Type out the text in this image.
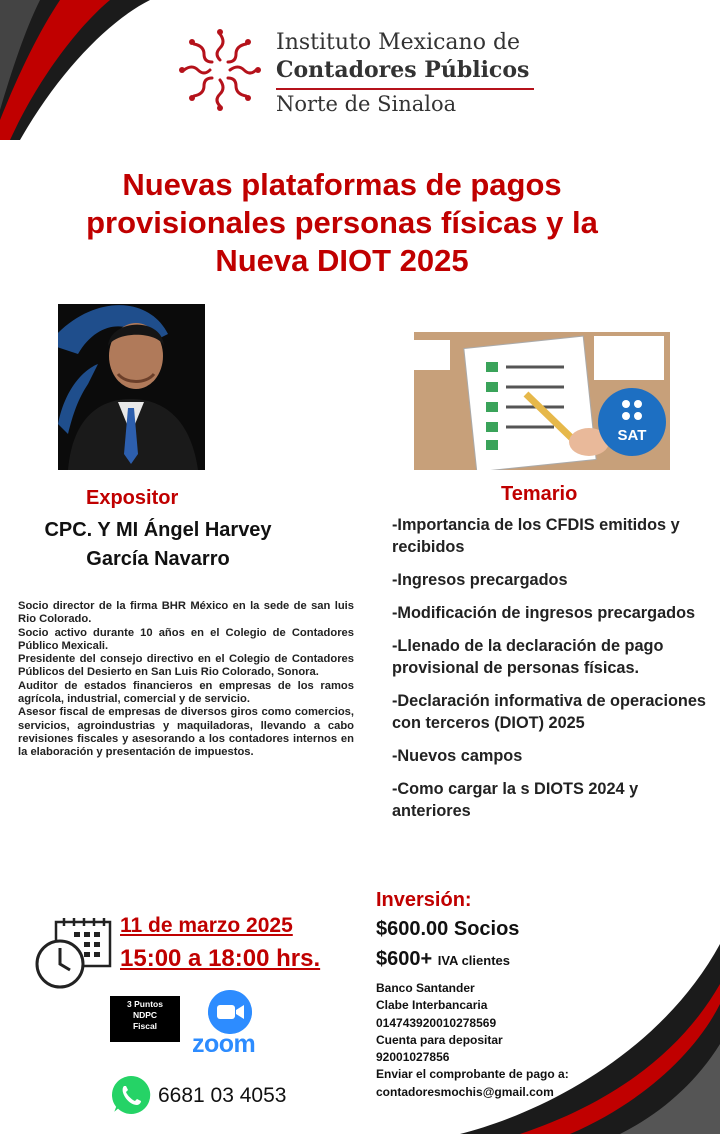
Instituto Mexicano de
Contadores Públicos
Norte de Sinaloa
Nuevas plataformas de pagos
provisionales personas físicas y la
Nueva DIOT 2025
SAT
Expositor	Temario
CPC. Y MI Ángel Harvey
García Navarro
Socio director de la firma BHR México en la sede de san luis Rio Colorado.
Socio activo durante 10 años en el Colegio de Contadores Público Mexicali.
Presidente del consejo directivo en el Colegio de Contadores Públicos del Desierto en San Luis Rio Colorado, Sonora.
Auditor de estados financieros en empresas de los ramos agrícola, industrial, comercial y de servicio.
Asesor fiscal de empresas de diversos giros como comercios, servicios, agroindustrias y maquiladoras, llevando a cabo revisiones fiscales y asesorando a los contadores internos en la elaboración y presentación de impuestos.
-Importancia de los CFDIS emitidos y recibidos
-Ingresos precargados
-Modificación de ingresos precargados
-Llenado de la declaración de pago provisional de personas físicas.
-Declaración informativa de operaciones con terceros (DIOT) 2025
-Nuevos campos
-Como cargar la s DIOTS 2024 y anteriores
11 de marzo 2025
15:00 a 18:00 hrs.
3 Puntos
NDPC
Fiscal
zoom
6681 03 4053
Inversión:
$600.00 Socios
$600+ IVA clientes
Banco Santander
Clabe Interbancaria
014743920010278569
Cuenta para depositar
92001027856
Enviar el comprobante de pago a:
contadoresmochis@gmail.com
